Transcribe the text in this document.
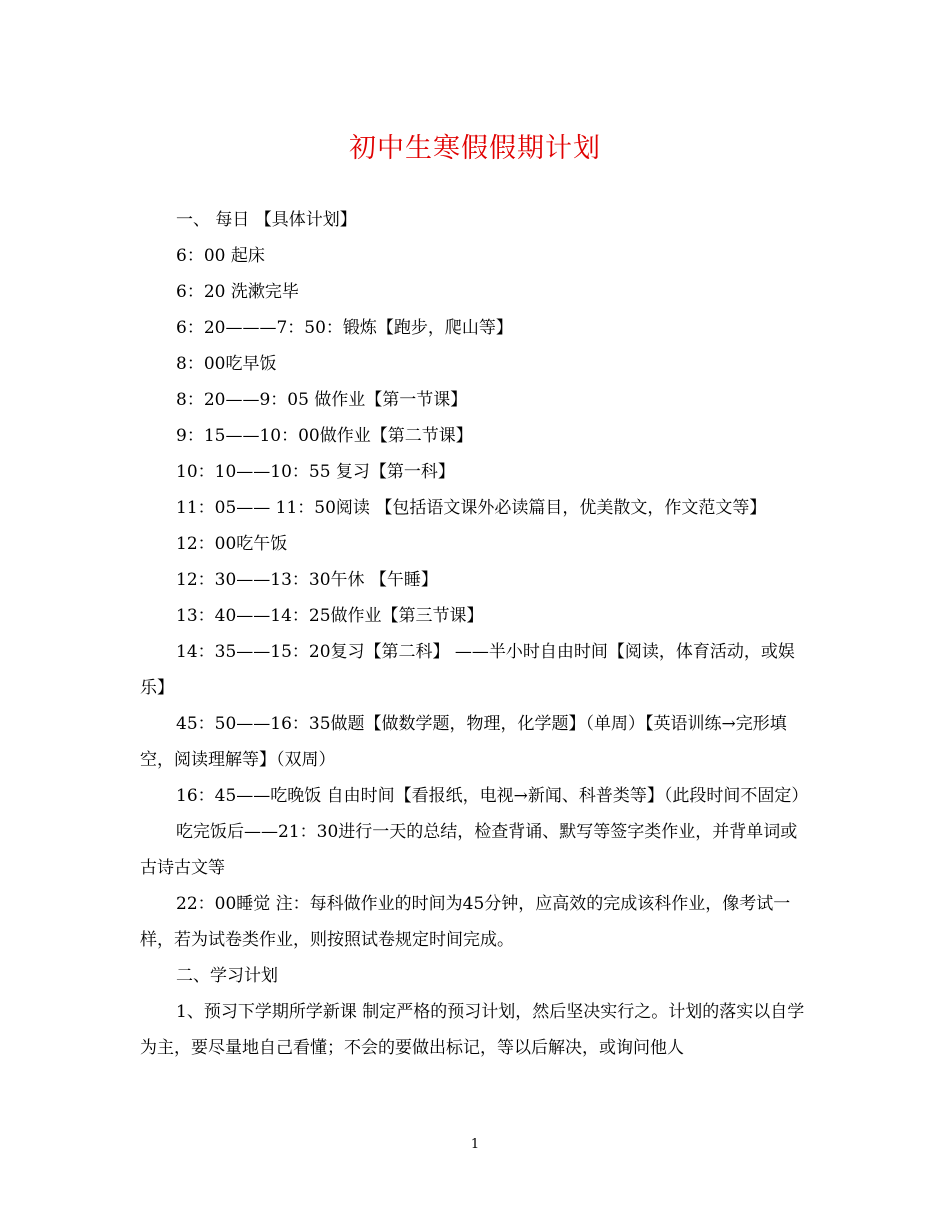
初中生寒假假期计划

一、 每日 【具体计划】

6：00 起床

6：20 洗漱完毕

6：20———7：50：锻炼【跑步，爬山等】

8：00吃早饭

8：20——9：05 做作业【第一节课】

9：15——10：00做作业【第二节课】

10：10——10：55 复习【第一科】

11：05—— 11：50阅读 【包括语文课外必读篇目，优美散文，作文范文等】

12：00吃午饭

12：30——13：30午休 【午睡】

13：40——14：25做作业【第三节课】

14：35——15：20复习【第二科】 ——半小时自由时间【阅读，体育活动，或娱乐】

45：50——16：35做题【做数学题，物理，化学题】（单周）【英语训练→完形填空，阅读理解等】（双周）

16：45——吃晚饭 自由时间【看报纸，电视→新闻、科普类等】（此段时间不固定）

吃完饭后——21：30进行一天的总结，检查背诵、默写等签字类作业，并背单词或古诗古文等

22：00睡觉 注：每科做作业的时间为45分钟，应高效的完成该科作业，像考试一样，若为试卷类作业，则按照试卷规定时间完成。

二、学习计划

1、预习下学期所学新课 制定严格的预习计划，然后坚决实行之。计划的落实以自学为主，要尽量地自己看懂；不会的要做出标记，等以后解决，或询问他人

1
